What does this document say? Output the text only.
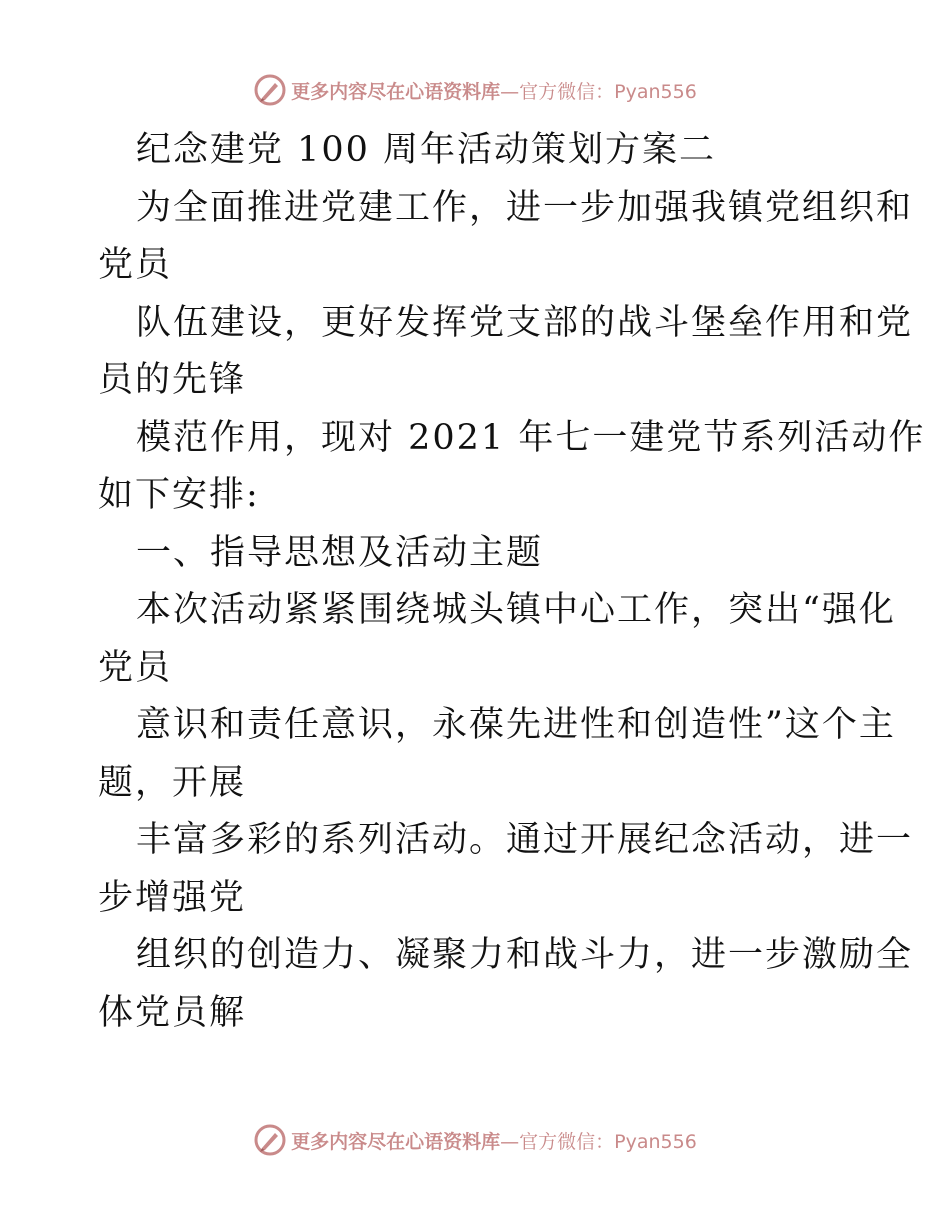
更多内容尽在心语资料库 —官方微信：Pyan556
纪念建党 100 周年活动策划方案二
为全面推进党建工作，进一步加强我镇党组织和
党员
队伍建设，更好发挥党支部的战斗堡垒作用和党
员的先锋
模范作用，现对 2021 年七一建党节系列活动作
如下安排:
一、指导思想及活动主题
本次活动紧紧围绕城头镇中心工作，突出“强化
党员
意识和责任意识，永葆先进性和创造性”这个主
题，开展
丰富多彩的系列活动。通过开展纪念活动，进一
步增强党
组织的创造力、凝聚力和战斗力，进一步激励全
体党员解
更多内容尽在心语资料库 —官方微信：Pyan556
